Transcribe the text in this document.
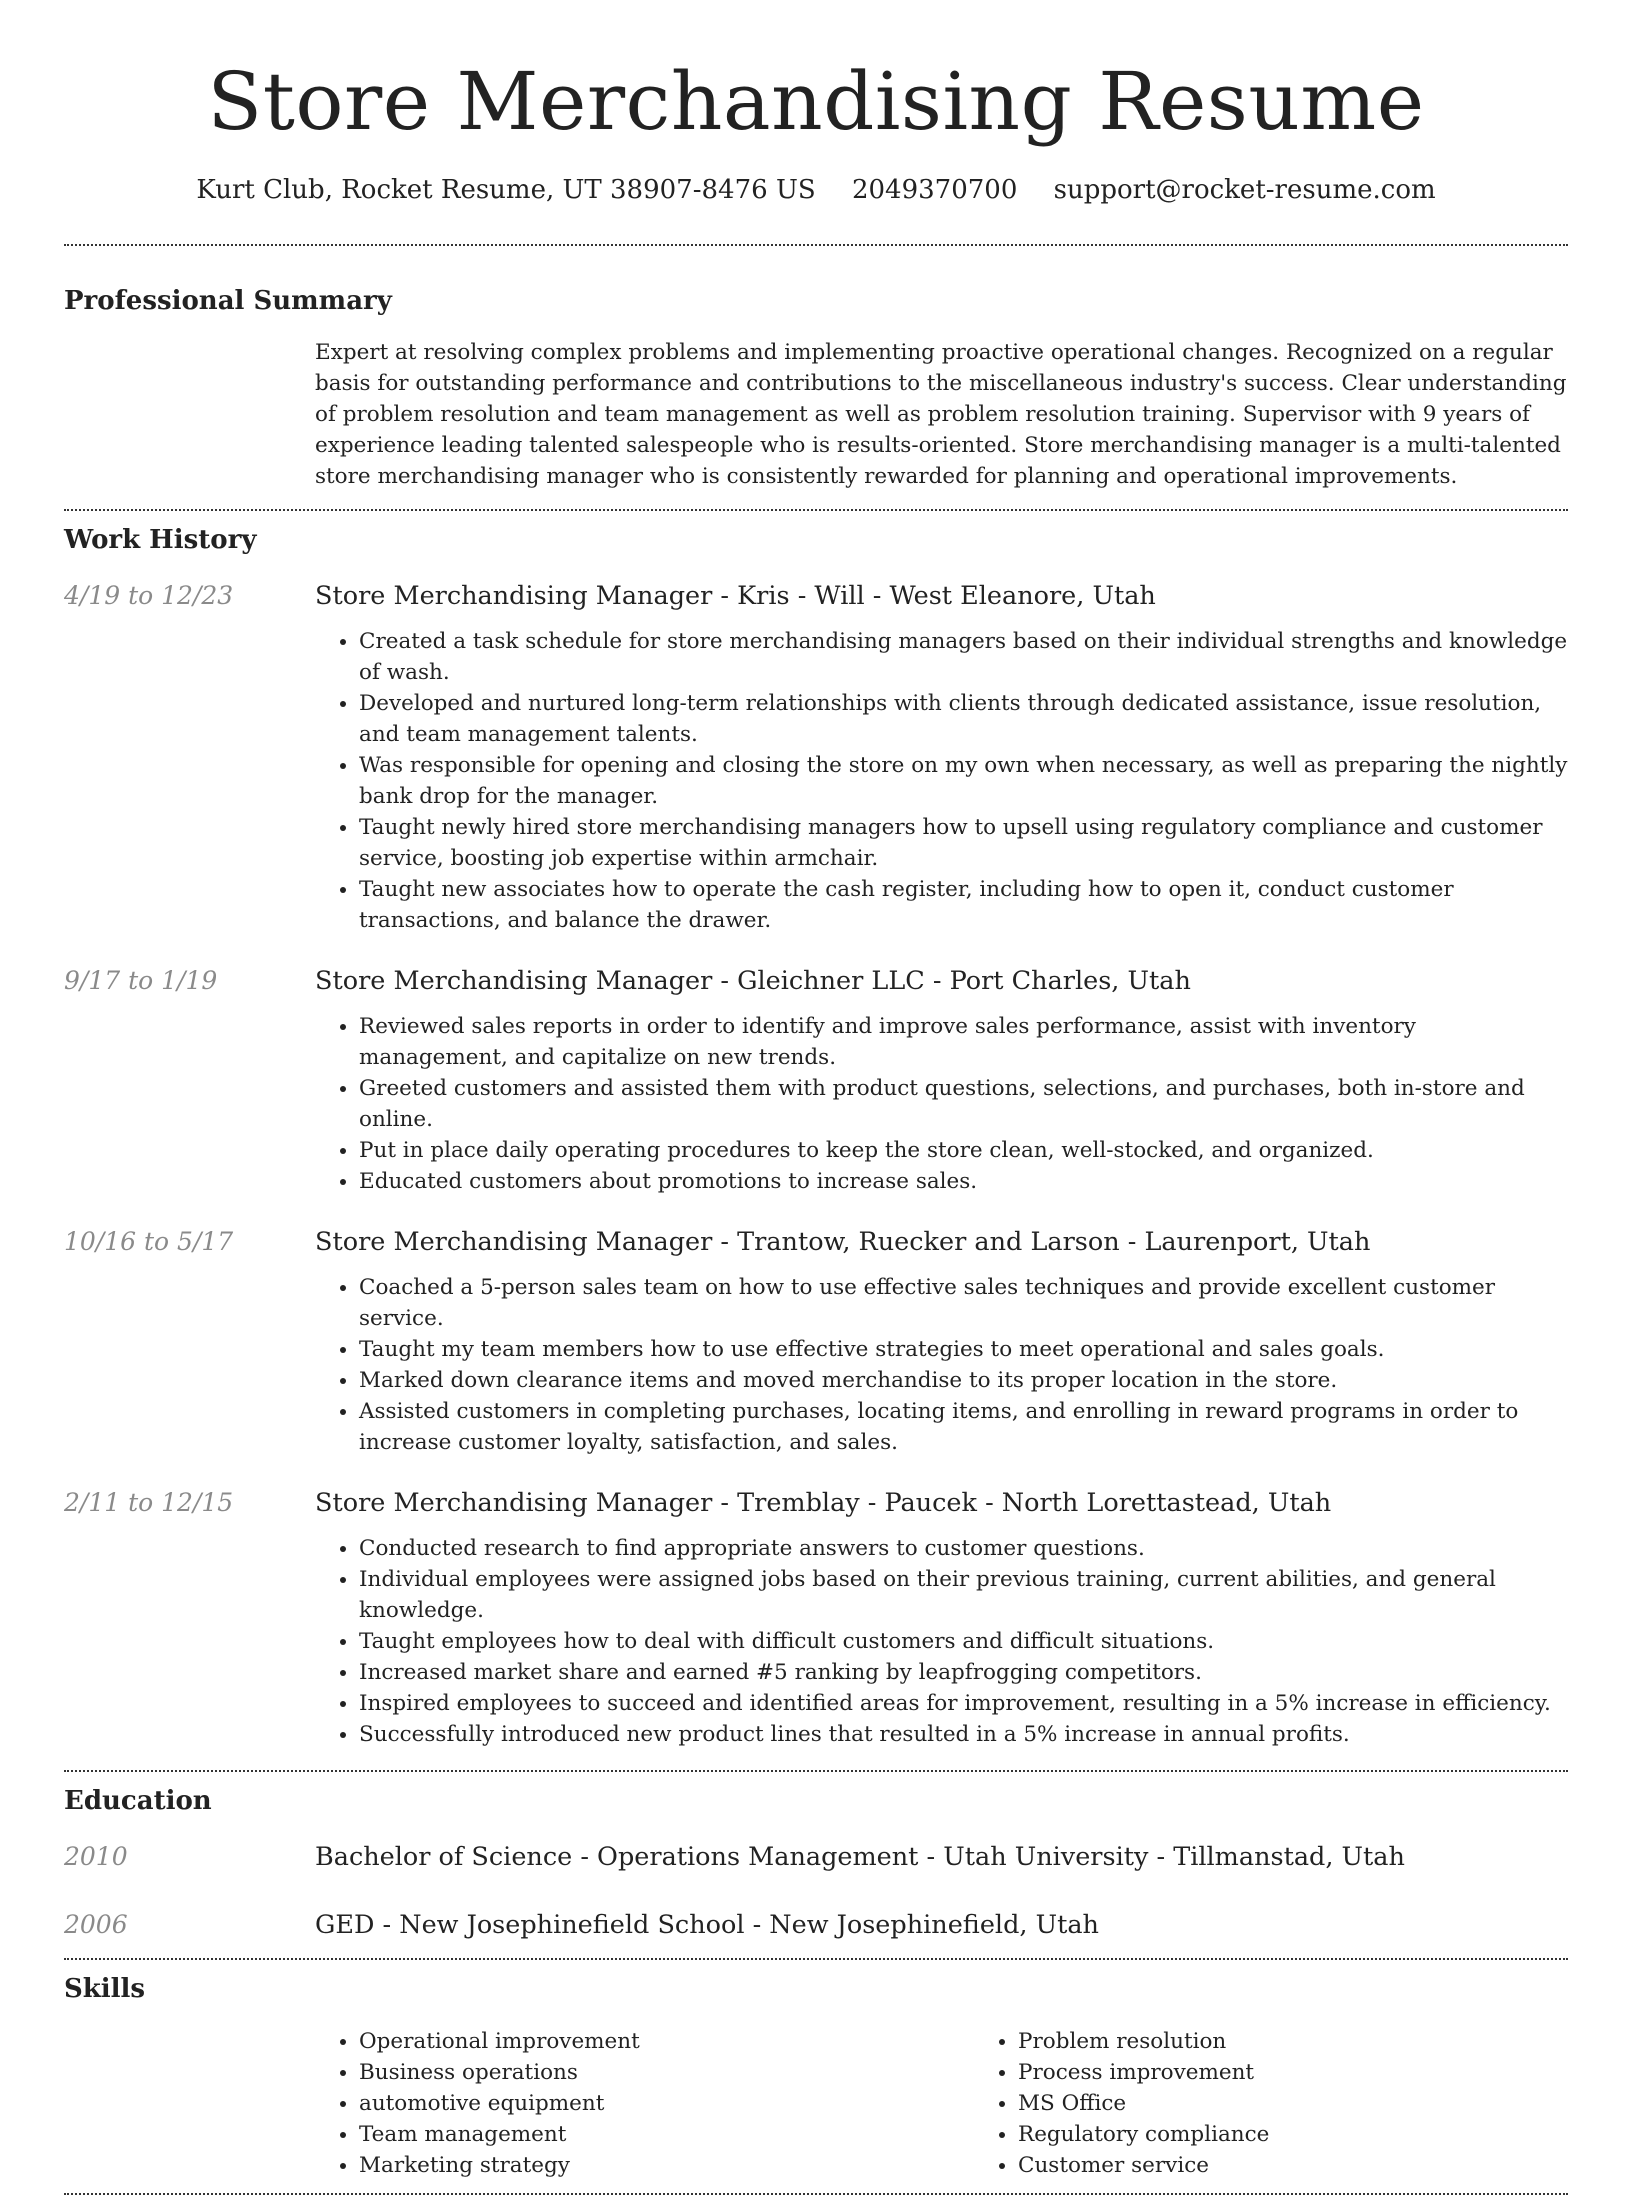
Store Merchandising Resume
Kurt Club, Rocket Resume, UT 38907-8476 US 2049370700 support@rocket-resume.com
Professional Summary
Expert at resolving complex problems and implementing proactive operational changes. Recognized on a regular basis for outstanding performance and contributions to the miscellaneous industry's success. Clear understanding of problem resolution and team management as well as problem resolution training. Supervisor with 9 years of experience leading talented salespeople who is results-oriented. Store merchandising manager is a multi-talented store merchandising manager who is consistently rewarded for planning and operational improvements.
Work History
4/19 to 12/23	Store Merchandising Manager - Kris - Will - West Eleanore, Utah
• Created a task schedule for store merchandising managers based on their individual strengths and knowledge of wash.
• Developed and nurtured long-term relationships with clients through dedicated assistance, issue resolution, and team management talents.
• Was responsible for opening and closing the store on my own when necessary, as well as preparing the nightly bank drop for the manager.
• Taught newly hired store merchandising managers how to upsell using regulatory compliance and customer service, boosting job expertise within armchair.
• Taught new associates how to operate the cash register, including how to open it, conduct customer transactions, and balance the drawer.
9/17 to 1/19	Store Merchandising Manager - Gleichner LLC - Port Charles, Utah
• Reviewed sales reports in order to identify and improve sales performance, assist with inventory management, and capitalize on new trends.
• Greeted customers and assisted them with product questions, selections, and purchases, both in-store and online.
• Put in place daily operating procedures to keep the store clean, well-stocked, and organized.
• Educated customers about promotions to increase sales.
10/16 to 5/17	Store Merchandising Manager - Trantow, Ruecker and Larson - Laurenport, Utah
• Coached a 5-person sales team on how to use effective sales techniques and provide excellent customer service.
• Taught my team members how to use effective strategies to meet operational and sales goals.
• Marked down clearance items and moved merchandise to its proper location in the store.
• Assisted customers in completing purchases, locating items, and enrolling in reward programs in order to increase customer loyalty, satisfaction, and sales.
2/11 to 12/15	Store Merchandising Manager - Tremblay - Paucek - North Lorettastead, Utah
• Conducted research to find appropriate answers to customer questions.
• Individual employees were assigned jobs based on their previous training, current abilities, and general knowledge.
• Taught employees how to deal with difficult customers and difficult situations.
• Increased market share and earned #5 ranking by leapfrogging competitors.
• Inspired employees to succeed and identified areas for improvement, resulting in a 5% increase in efficiency.
• Successfully introduced new product lines that resulted in a 5% increase in annual profits.
Education
2010	Bachelor of Science - Operations Management - Utah University - Tillmanstad, Utah
2006	GED - New Josephinefield School - New Josephinefield, Utah
Skills
• Operational improvement
• Business operations
• automotive equipment
• Team management
• Marketing strategy
• Problem resolution
• Process improvement
• MS Office
• Regulatory compliance
• Customer service
